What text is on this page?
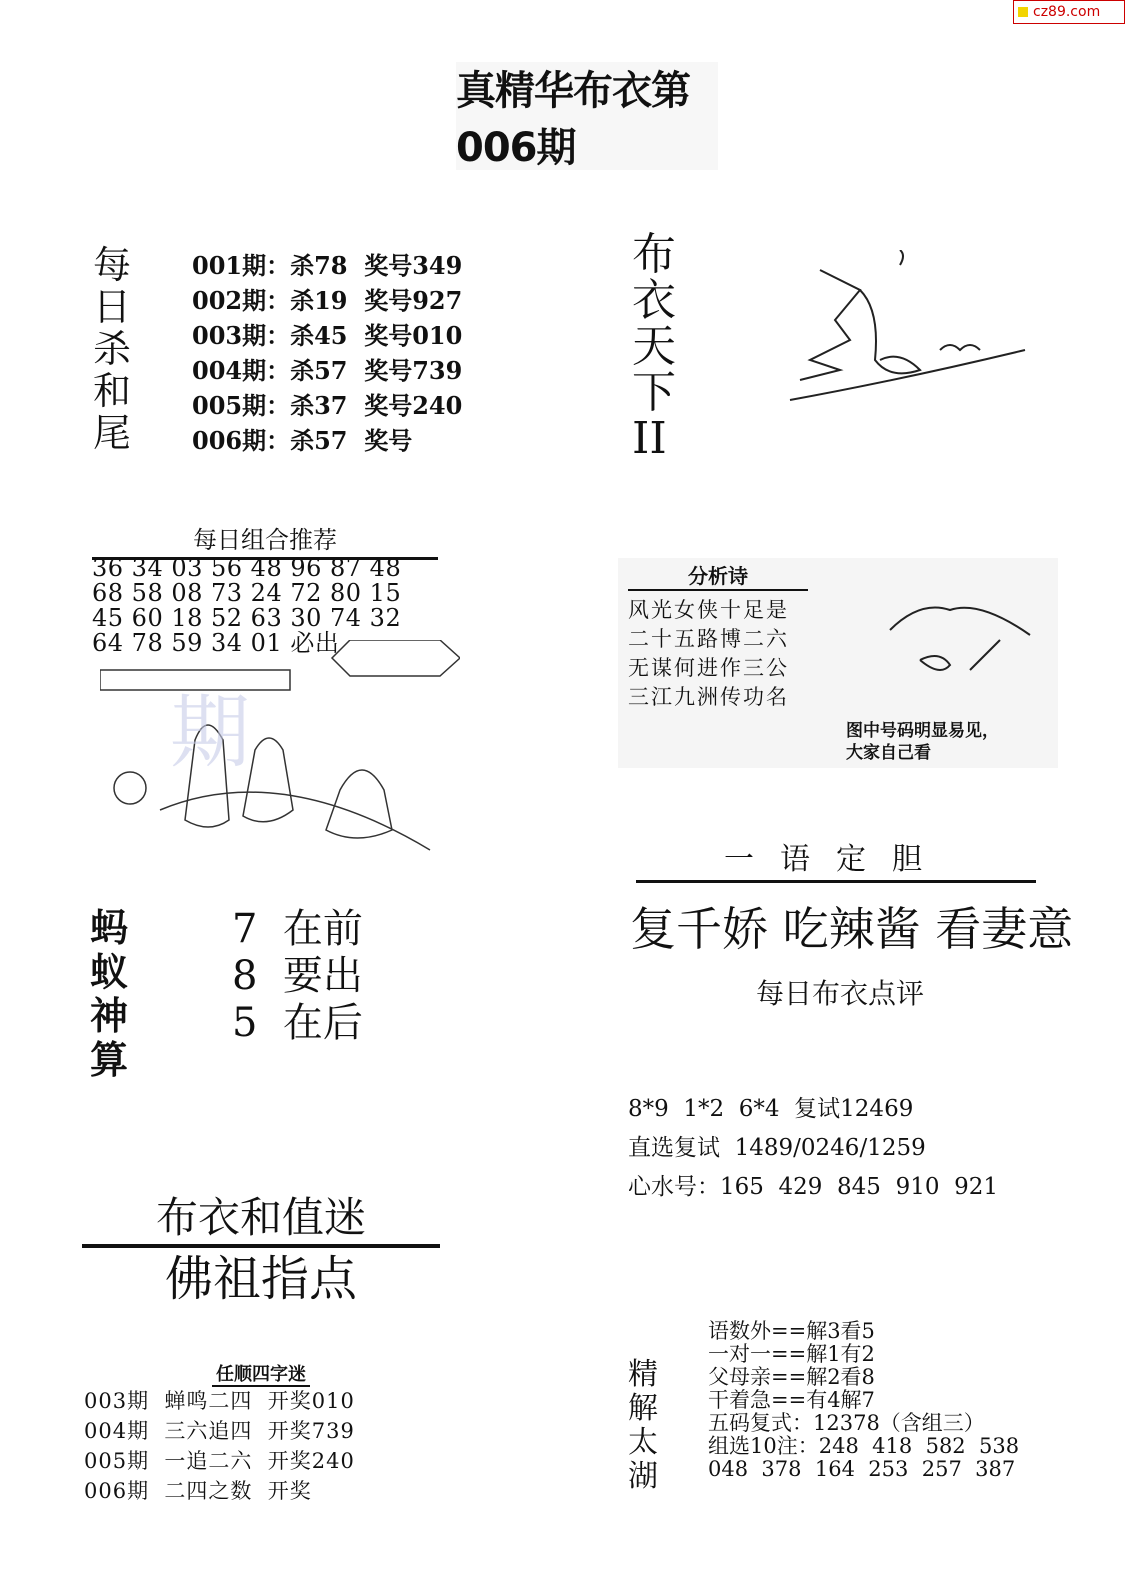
cz89.com
真精华布衣第006期
每
日
杀
和
尾
001期：杀78  奖号349
002期：杀19  奖号927
003期：杀45  奖号010
004期：杀57  奖号739
005期：杀37  奖号240
006期：杀57  奖号
每日组合推荐
36 34 03 56 48 96 87 48
68 58 08 73 24 72 80 15
45 60 18 52 63 30 74 32
64 78 59 34 01 必出
期
蚂
蚁
神
算
7  在前
8  要出
5  在后
布衣和值迷
佛祖指点
任顺四字迷
003期  蝉鸣二四  开奖010
004期  三六追四  开奖739
005期  一追二六  开奖240
006期  二四之数  开奖
布
衣
天
下
II
分析诗
风光女侠十足是
二十五路博二六
无谋何进作三公
三江九洲传功名
图中号码明显易见，
大家自己看
一语定胆
复千娇 吃辣酱 看妻意
每日布衣点评
8*9  1*2  6*4  复试12469
直选复试  1489/0246/1259
心水号：165  429  845  910  921
精
解
太
湖
语数外==解3看5
一对一==解1有2
父母亲==解2看8
干着急==有4解7
五码复式：12378（含组三）
组选10注：248  418  582  538
048  378  164  253  257  387
